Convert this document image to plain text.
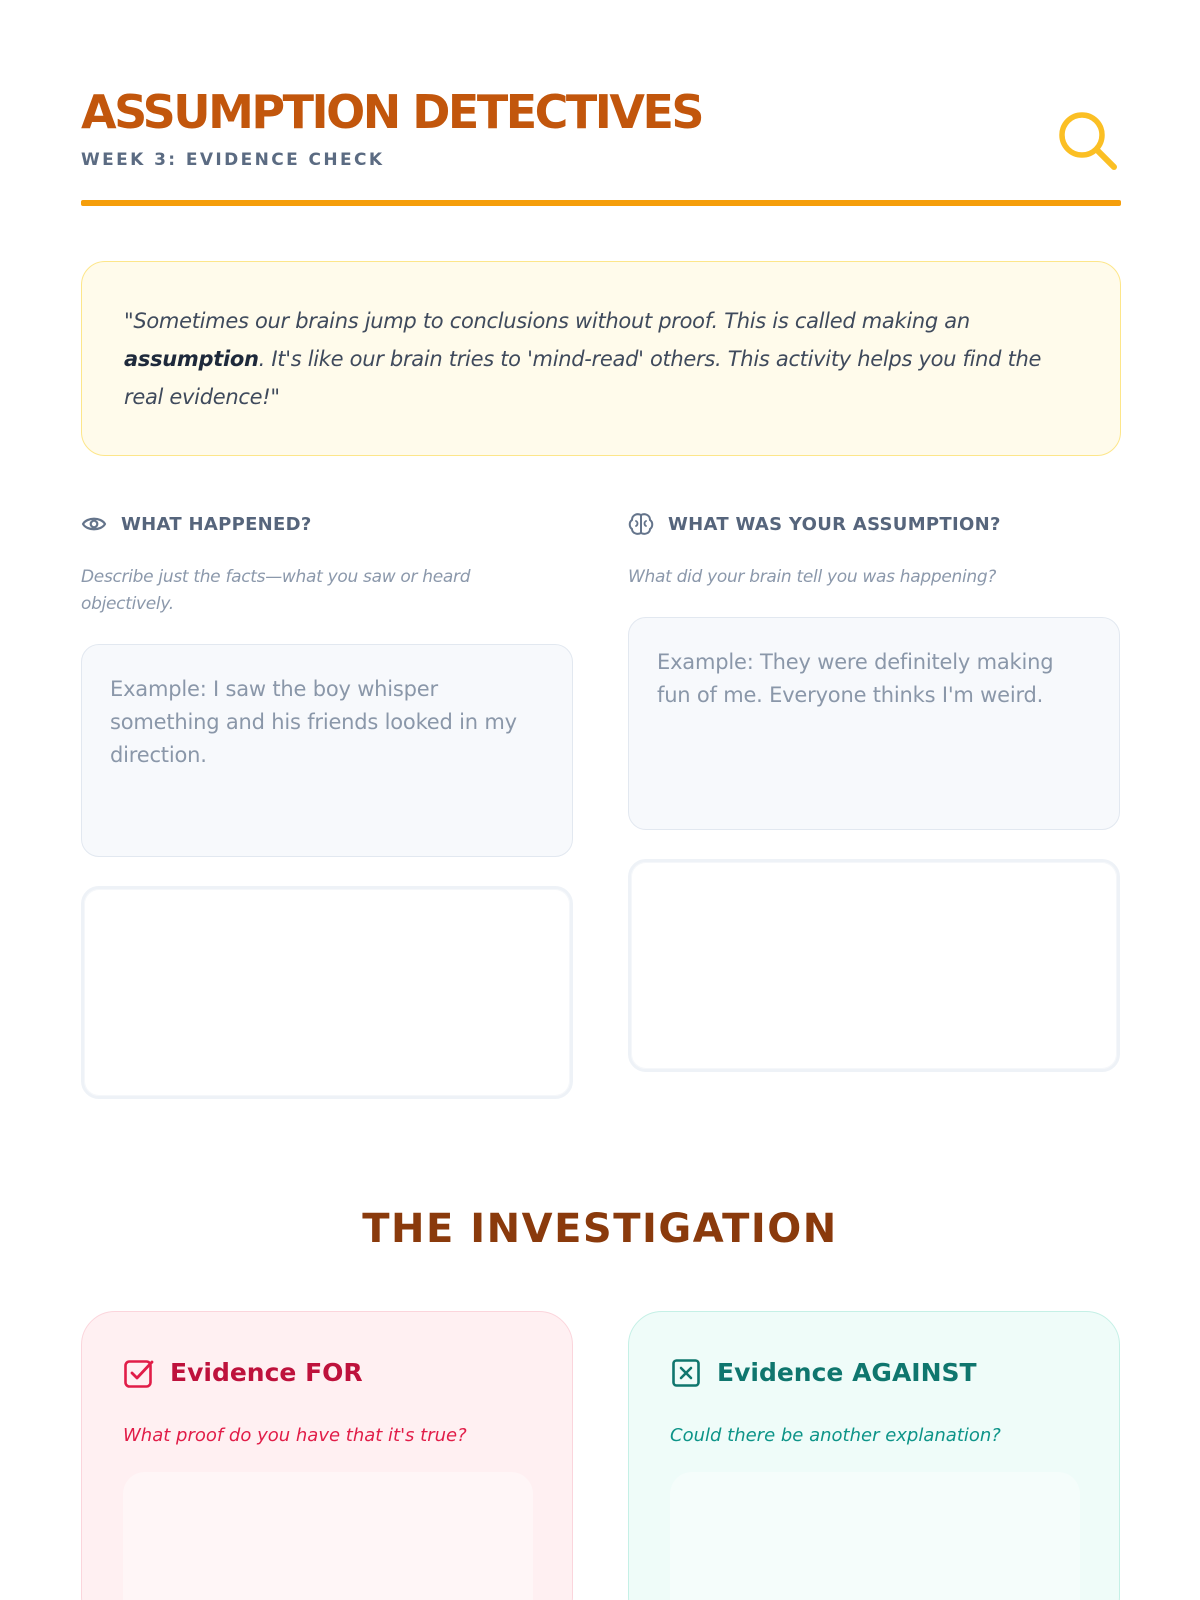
ASSUMPTION DETECTIVES
WEEK 3: EVIDENCE CHECK

"Sometimes our brains jump to conclusions without proof. This is called making an assumption. It's like our brain tries to 'mind-read' others. This activity helps you find the real evidence!"

WHAT HAPPENED?
Describe just the facts—what you saw or heard objectively.
Example: I saw the boy whisper something and his friends looked in my direction.
WHAT WAS YOUR ASSUMPTION?
What did your brain tell you was happening?
Example: They were definitely making fun of me. Everyone thinks I'm weird.
THE INVESTIGATION
Evidence FOR
What proof do you have that it's true?
Evidence AGAINST
Could there be another explanation?
